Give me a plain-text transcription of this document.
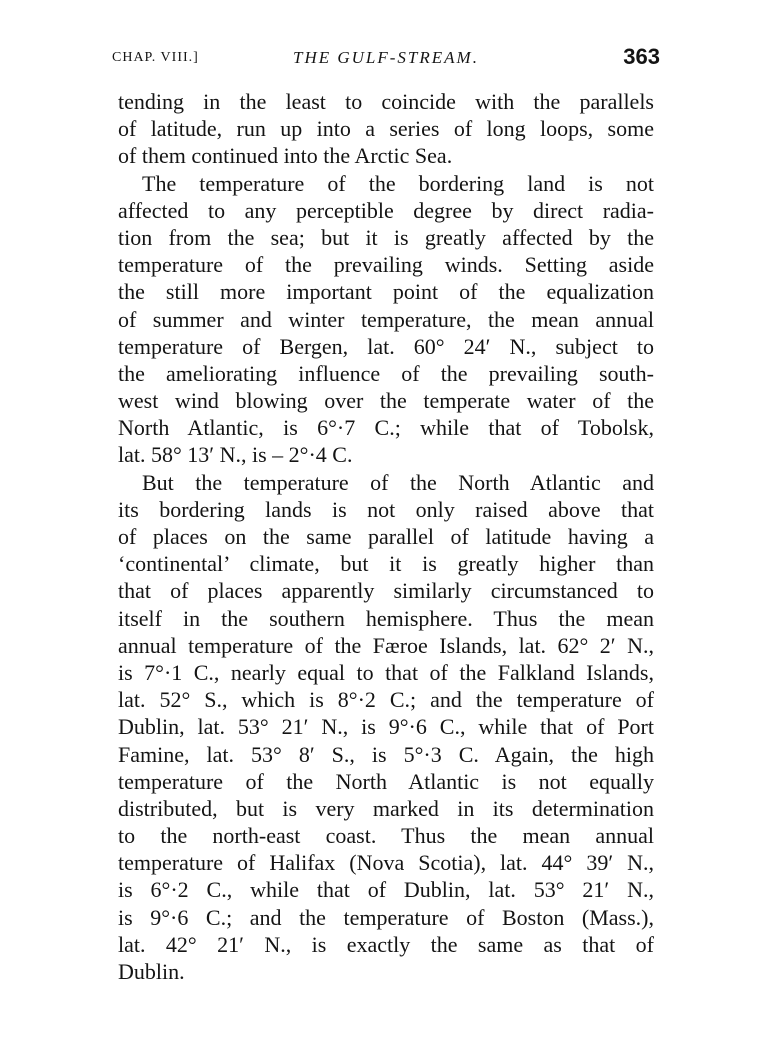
CHAP. VIII.]	THE GULF-STREAM.	363
tending in the least to coincide with the parallels
of latitude, run up into a series of long loops, some
of them continued into the Arctic Sea.
The temperature of the bordering land is not
affected to any perceptible degree by direct radia-
tion from the sea; but it is greatly affected by the
temperature of the prevailing winds. Setting aside
the still more important point of the equalization
of summer and winter temperature, the mean annual
temperature of Bergen, lat. 60° 24′ N., subject to
the ameliorating influence of the prevailing south-
west wind blowing over the temperate water of the
North Atlantic, is 6°·7 C.; while that of Tobolsk,
lat. 58° 13′ N., is – 2°·4 C.
But the temperature of the North Atlantic and
its bordering lands is not only raised above that
of places on the same parallel of latitude having a
‘continental’ climate, but it is greatly higher than
that of places apparently similarly circumstanced to
itself in the southern hemisphere. Thus the mean
annual temperature of the Færoe Islands, lat. 62° 2′ N.,
is 7°·1 C., nearly equal to that of the Falkland Islands,
lat. 52° S., which is 8°·2 C.; and the temperature of
Dublin, lat. 53° 21′ N., is 9°·6 C., while that of Port
Famine, lat. 53° 8′ S., is 5°·3 C. Again, the high
temperature of the North Atlantic is not equally
distributed, but is very marked in its determination
to the north-east coast. Thus the mean annual
temperature of Halifax (Nova Scotia), lat. 44° 39′ N.,
is 6°·2 C., while that of Dublin, lat. 53° 21′ N.,
is 9°·6 C.; and the temperature of Boston (Mass.),
lat. 42° 21′ N., is exactly the same as that of
Dublin.
